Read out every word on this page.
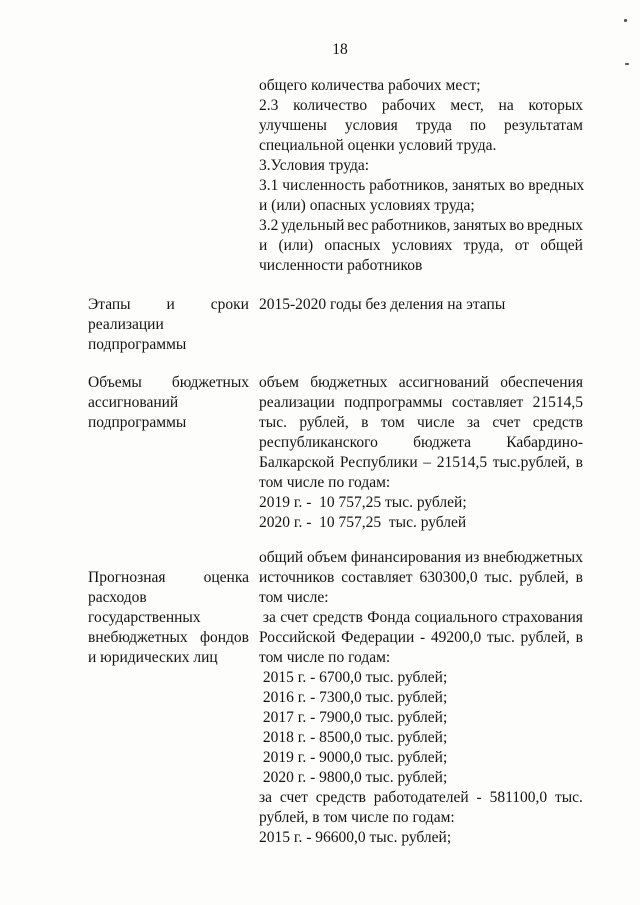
18
общего количества рабочих мест;
2.3 количество рабочих мест, на которых
улучшены условия труда по результатам
специальной оценки условий труда.
3.Условия труда:
3.1 численность работников, занятых во вредных
и (или) опасных условиях труда;
3.2 удельный вес работников, занятых во вредных
и (или) опасных условиях труда, от общей
численности работников
Этапы и сроки
реализации
подпрограммы
2015-2020 годы без деления на этапы
Объемы бюджетных
ассигнований
подпрограммы
объем бюджетных ассигнований обеспечения
реализации подпрограммы составляет 21514,5
тыс. рублей, в том числе за счет средств
республиканского бюджета Кабардино-
Балкарской Республики – 21514,5 тыс.рублей, в
том числе по годам:
2019 г. -  10 757,25 тыс. рублей;
2020 г. -  10 757,25  тыс. рублей
Прогнозная оценка
расходов
государственных
внебюджетных фондов
и юридических лиц
общий объем финансирования из внебюджетных
источников составляет 630300,0 тыс. рублей, в
том числе:
за счет средств Фонда социального страхования
Российской Федерации - 49200,0 тыс. рублей, в
том числе по годам:
2015 г. - 6700,0 тыс. рублей;
2016 г. - 7300,0 тыс. рублей;
2017 г. - 7900,0 тыс. рублей;
2018 г. - 8500,0 тыс. рублей;
2019 г. - 9000,0 тыс. рублей;
2020 г. - 9800,0 тыс. рублей;
за счет средств работодателей - 581100,0 тыс.
рублей, в том числе по годам:
2015 г. - 96600,0 тыс. рублей;
